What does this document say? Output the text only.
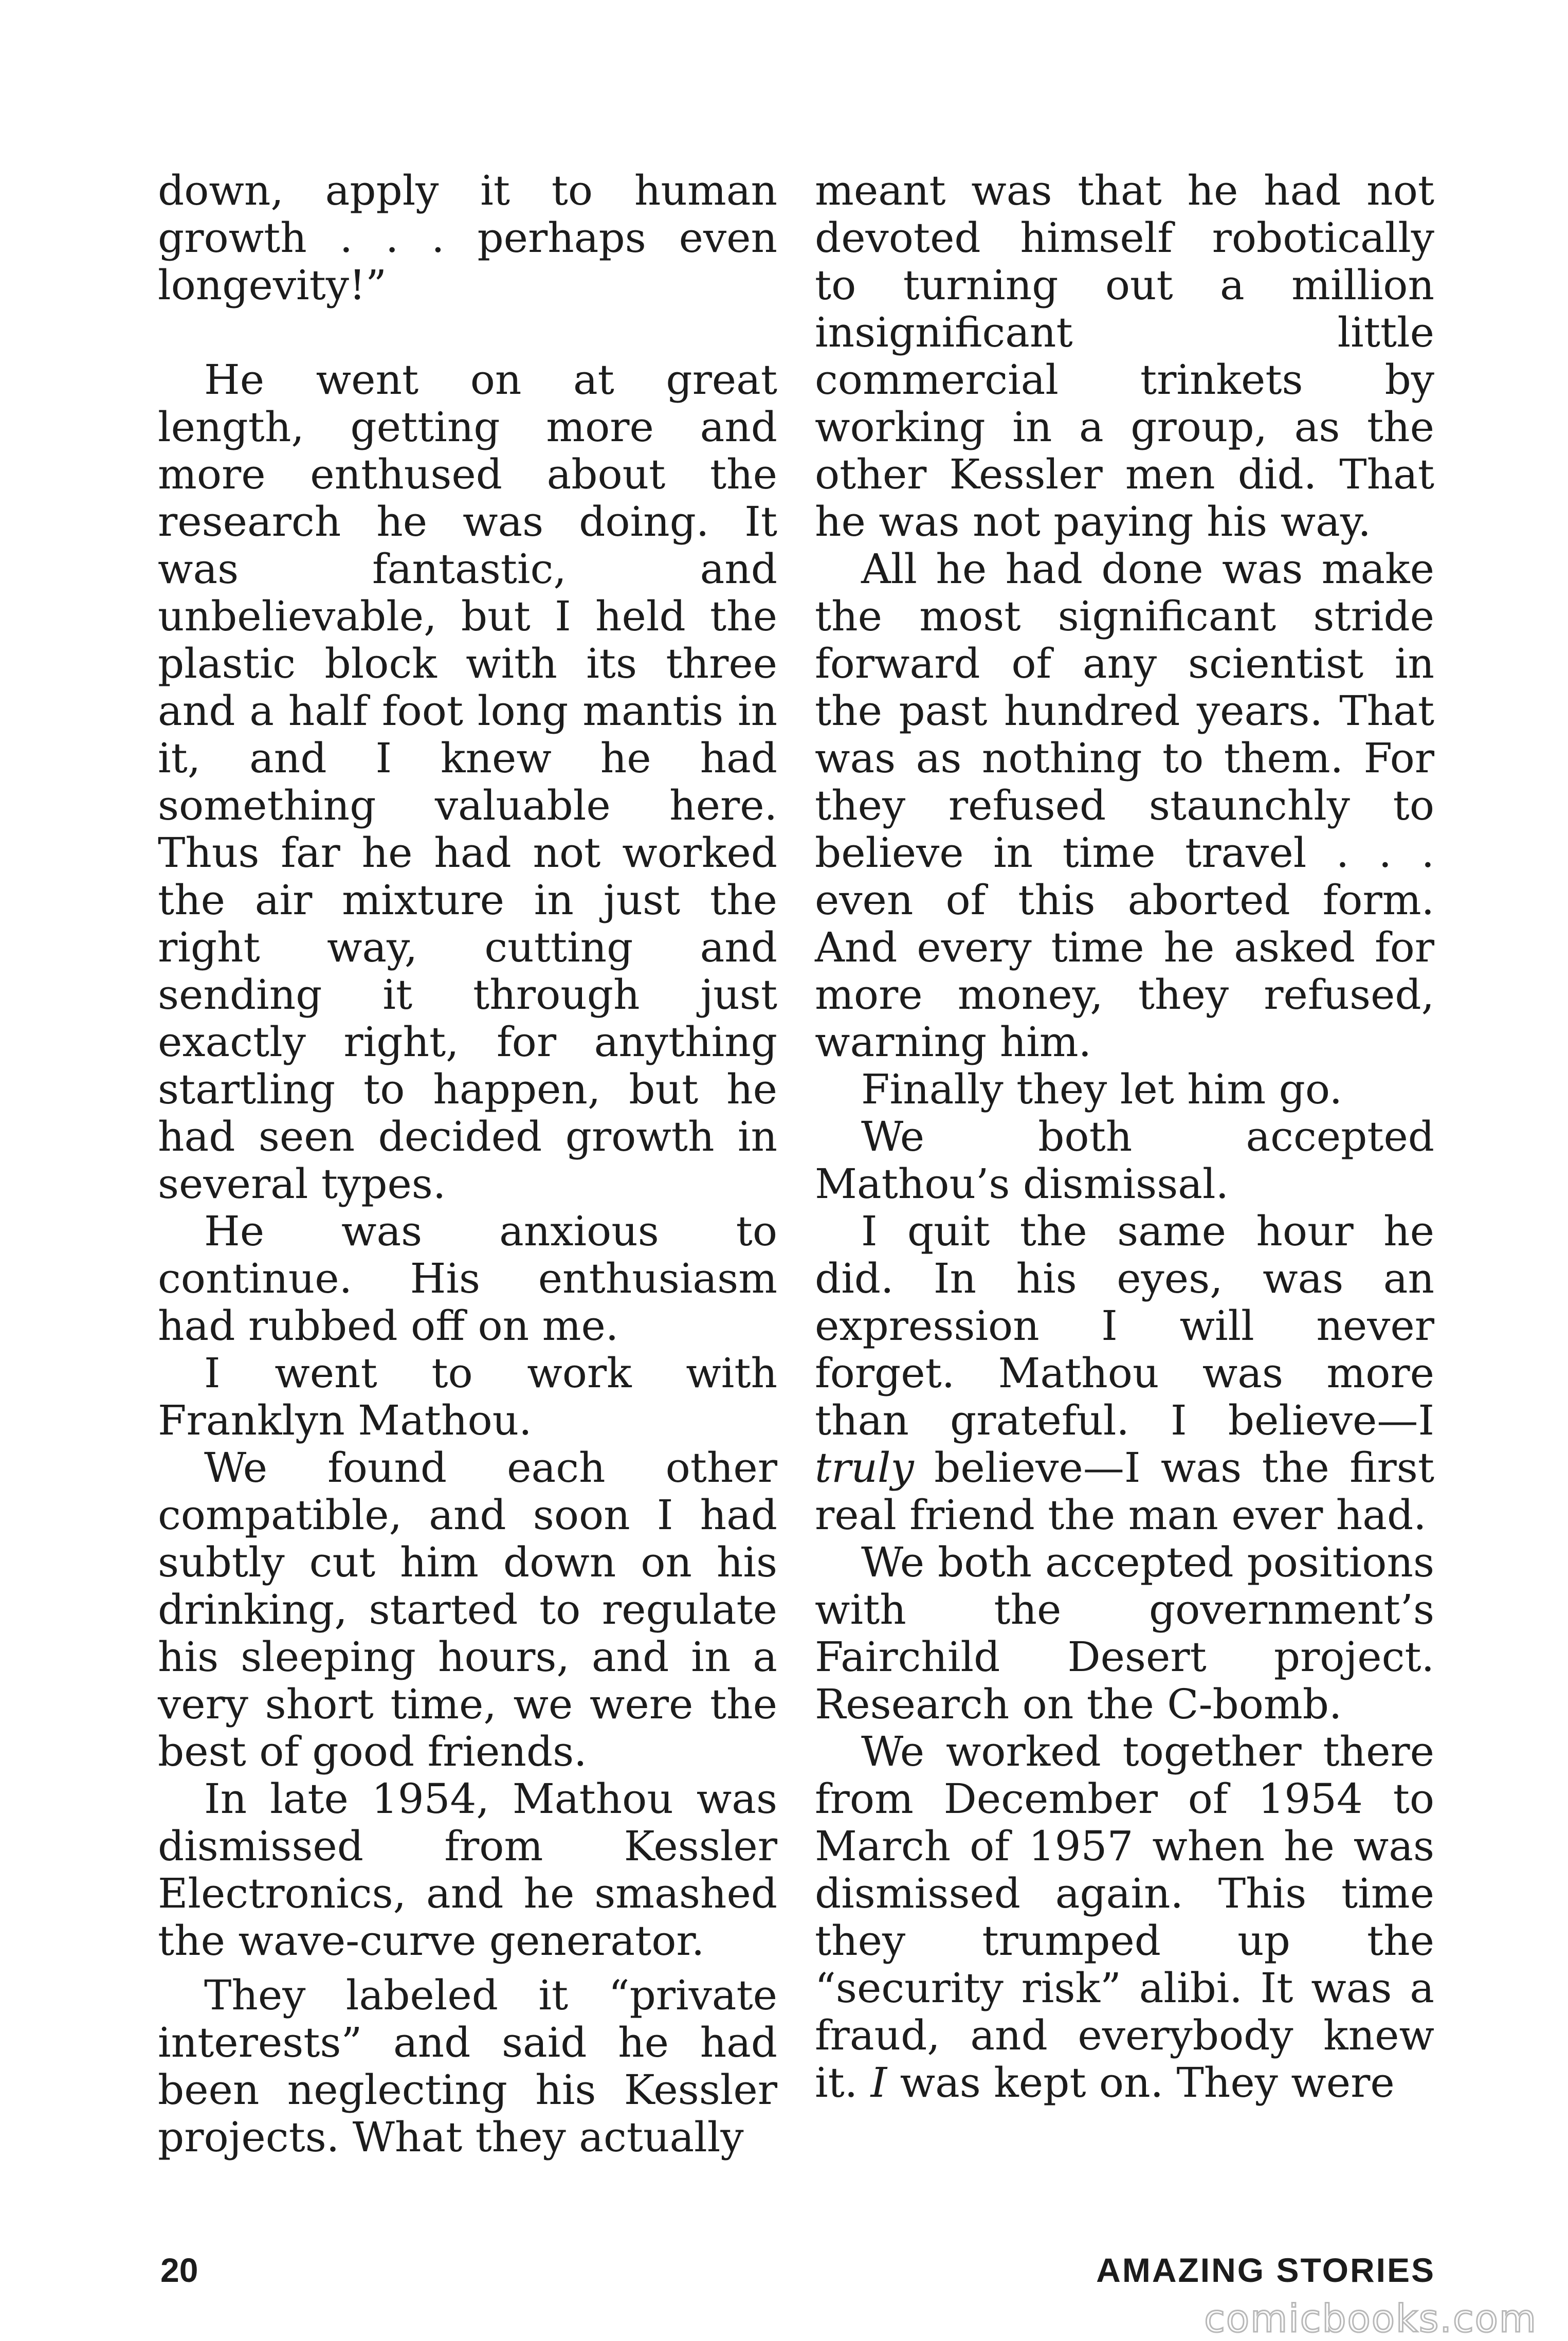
down, apply it to human growth . . . perhaps even longevity!”

He went on at great length, getting more and more enthused about the research he was doing. It was fantastic, and unbelievable, but I held the plastic block with its three and a half foot long mantis in it, and I knew he had something valuable here. Thus far he had not worked the air mixture in just the right way, cutting and sending it through just exactly right, for anything startling to happen, but he had seen decided growth in several types.

He was anxious to continue. His enthusiasm had rubbed off on me.

I went to work with Franklyn Mathou.

We found each other compatible, and soon I had subtly cut him down on his drinking, started to regulate his sleeping hours, and in a very short time, we were the best of good friends.

In late 1954, Mathou was dismissed from Kessler Electronics, and he smashed the wave-curve generator.

They labeled it “private interests” and said he had been neglecting his Kessler projects. What they actually

meant was that he had not devoted himself robotically to turning out a million insignificant little commercial trinkets by working in a group, as the other Kessler men did. That he was not paying his way.

All he had done was make the most significant stride forward of any scientist in the past hundred years. That was as nothing to them. For they refused staunchly to believe in time travel . . . even of this aborted form. And every time he asked for more money, they refused, warning him.

Finally they let him go.

We both accepted Mathou’s dismissal.

I quit the same hour he did. In his eyes, was an expression I will never forget. Mathou was more than grateful. I believe—I truly believe—I was the first real friend the man ever had.

We both accepted positions with the government’s Fairchild Desert project. Research on the C-bomb.

We worked together there from December of 1954 to March of 1957 when he was dismissed again. This time they trumped up the “security risk” alibi. It was a fraud, and everybody knew it. I was kept on. They were

20	AMAZING STORIES
comicbooks.com
